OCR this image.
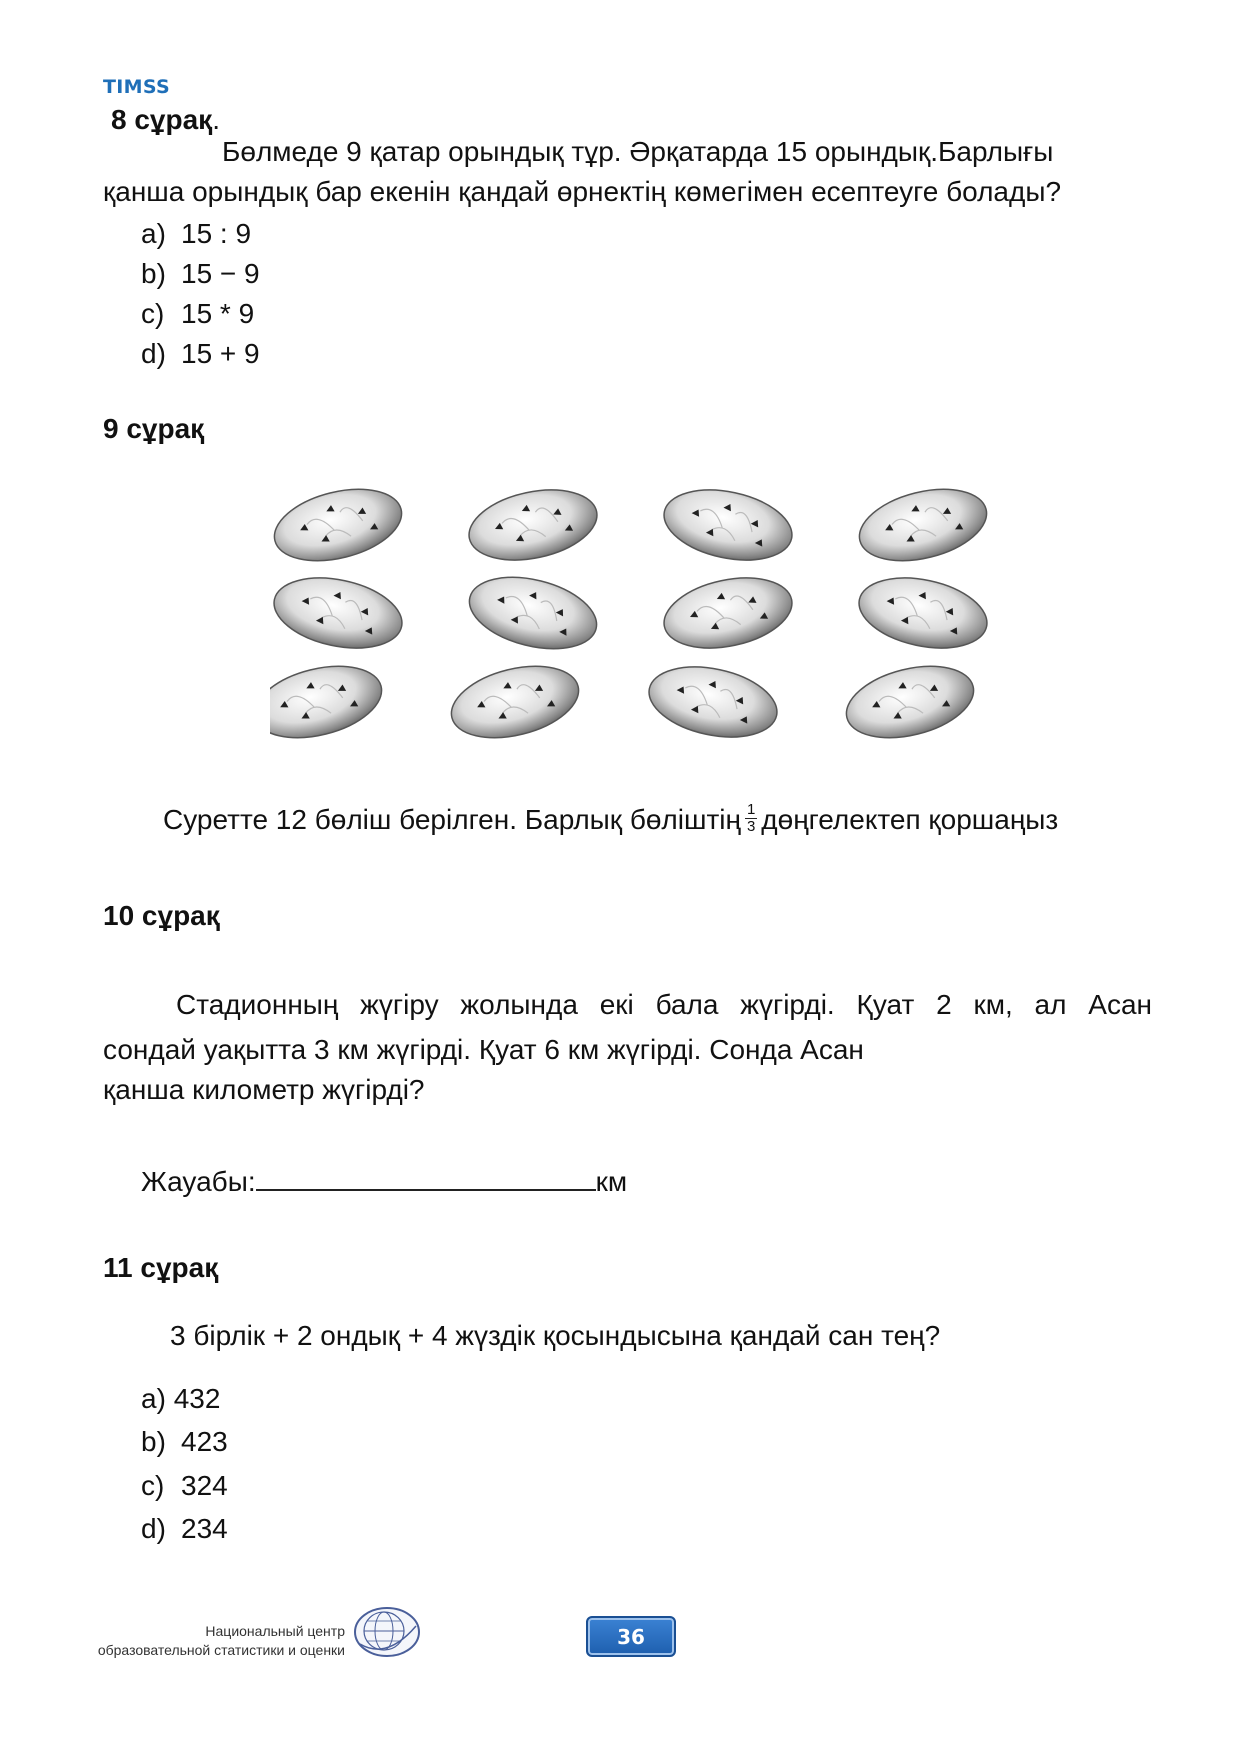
TIMSS
8 сұрақ.
Бөлмеде 9 қатар орындық тұр. Әрқатарда 15 орындық.Барлығы
қанша орындық бар екенін қандай өрнектің көмегімен есептеуге болады?
a) 15 : 9
b) 15 − 9
c) 15 * 9
d) 15 + 9
9 сұрақ
Суретте 12 бөліш берілген. Барлық бөліштің $\frac{1}{3}$ дөңгелектеп қоршаңыз
10 сұрақ
Стадионның жүгіру жолында екі бала жүгірді. Қуат 2 км, ал Асан
сондай уақытта 3 км жүгірді. Қуат 6 км жүгірді. Сонда Асан
қанша километр жүгірді?
Жауабы:	км
11 сұрақ
3 бірлік + 2 ондық + 4 жүздік қосындысына қандай сан тең?
a) 432
b) 423
c) 324
d) 234
36
Национальный центр
образовательной статистики и оценки
